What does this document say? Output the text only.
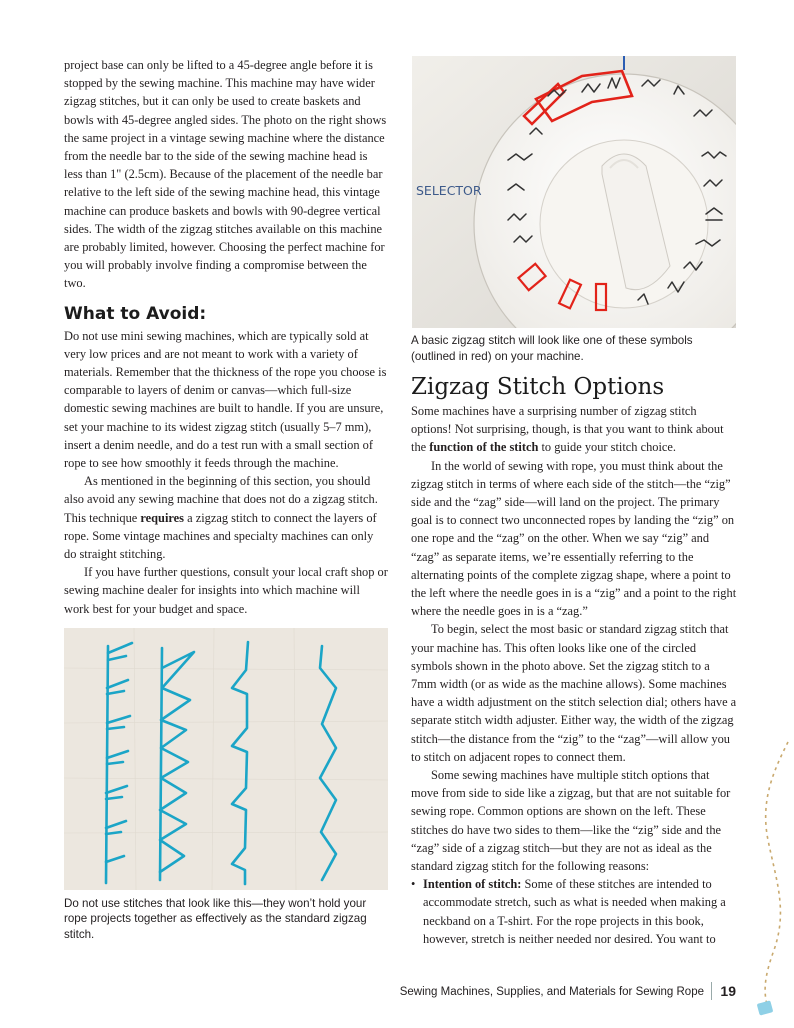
project base can only be lifted to a 45-degree angle before it is stopped by the sewing machine. This machine may have wider zigzag stitches, but it can only be used to create baskets and bowls with 45-degree angled sides. The photo on the right shows the same project in a vintage sewing machine where the distance from the needle bar to the side of the sewing machine head is less than 1" (2.5cm). Because of the placement of the needle bar relative to the left side of the sewing machine head, this vintage machine can produce baskets and bowls with 90-degree vertical sides. The width of the zigzag stitches available on this machine are probably limited, however. Choosing the perfect machine for you will probably involve finding a compromise between the two.

What to Avoid:

Do not use mini sewing machines, which are typically sold at very low prices and are not meant to work with a variety of materials. Remember that the thickness of the rope you choose is comparable to layers of denim or canvas—which full-size domestic sewing machines are built to handle. If you are unsure, set your machine to its widest zigzag stitch (usually 5–7 mm), insert a denim needle, and do a test run with a small section of rope to see how smoothly it feeds through the machine.

As mentioned in the beginning of this section, you should also avoid any sewing machine that does not do a zigzag stitch. This technique requires a zigzag stitch to connect the layers of rope. Some vintage machines and specialty machines can only do straight stitching.

If you have further questions, consult your local craft shop or sewing machine dealer for insights into which machine will work best for your budget and space.

Do not use stitches that look like this—they won’t hold your rope projects together as effectively as the standard zigzag stitch.

SELECTOR

A basic zigzag stitch will look like one of these symbols (outlined in red) on your machine.

Zigzag Stitch Options

Some machines have a surprising number of zigzag stitch options! Not surprising, though, is that you want to think about the function of the stitch to guide your stitch choice.

In the world of sewing with rope, you must think about the zigzag stitch in terms of where each side of the stitch—the “zig” side and the “zag” side—will land on the project. The primary goal is to connect two unconnected ropes by landing the “zig” on one rope and the “zag” on the other. When we say “zig” and “zag” as separate items, we’re essentially referring to the alternating points of the complete zigzag shape, where a point to the left where the needle goes in is a “zig” and a point to the right where the needle goes in is a “zag.”

To begin, select the most basic or standard zigzag stitch that your machine has. This often looks like one of the circled symbols shown in the photo above. Set the zigzag stitch to a 7mm width (or as wide as the machine allows). Some machines have a width adjustment on the stitch selection dial; others have a separate stitch width adjuster. Either way, the width of the zigzag stitch—the distance from the “zig” to the “zag”—will allow you to stitch on adjacent ropes to connect them.

Some sewing machines have multiple stitch options that move from side to side like a zigzag, but that are not suitable for sewing rope. Common options are shown on the left. These stitches do have two sides to them—like the “zig” side and the “zag” side of a zigzag stitch—but they are not as ideal as the standard zigzag stitch for the following reasons:

• Intention of stitch: Some of these stitches are intended to accommodate stretch, such as what is needed when making a neckband on a T-shirt. For the rope projects in this book, however, stretch is neither needed nor desired. You want to
Sewing Machines, Supplies, and Materials for Sewing Rope 19
